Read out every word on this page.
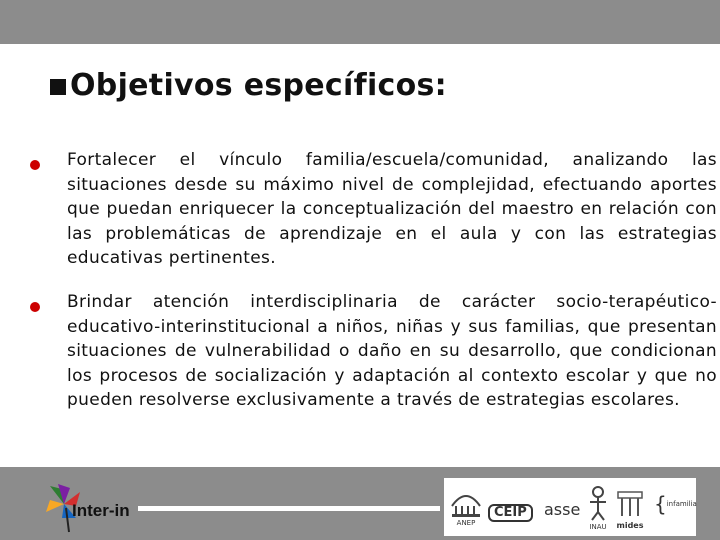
Objetivos específicos:
Fortalecer el vínculo familia/escuela/comunidad, analizando las situaciones desde su máximo nivel de complejidad, efectuando aportes que puedan enriquecer la conceptualización del maestro en relación con las problemáticas de aprendizaje en el aula y con las estrategias educativas pertinentes.
Brindar atención interdisciplinaria de carácter socio-terapéutico-educativo-interinstitucional a niños, niñas y sus familias, que presentan situaciones de vulnerabilidad o daño en su desarrollo, que condicionan los procesos de socialización y adaptación al contexto escolar y que no pueden resolverse exclusivamente a través de estrategias escolares.
Inter-in
ANEP
CEIP	asse
INAU mides
{infamilia
